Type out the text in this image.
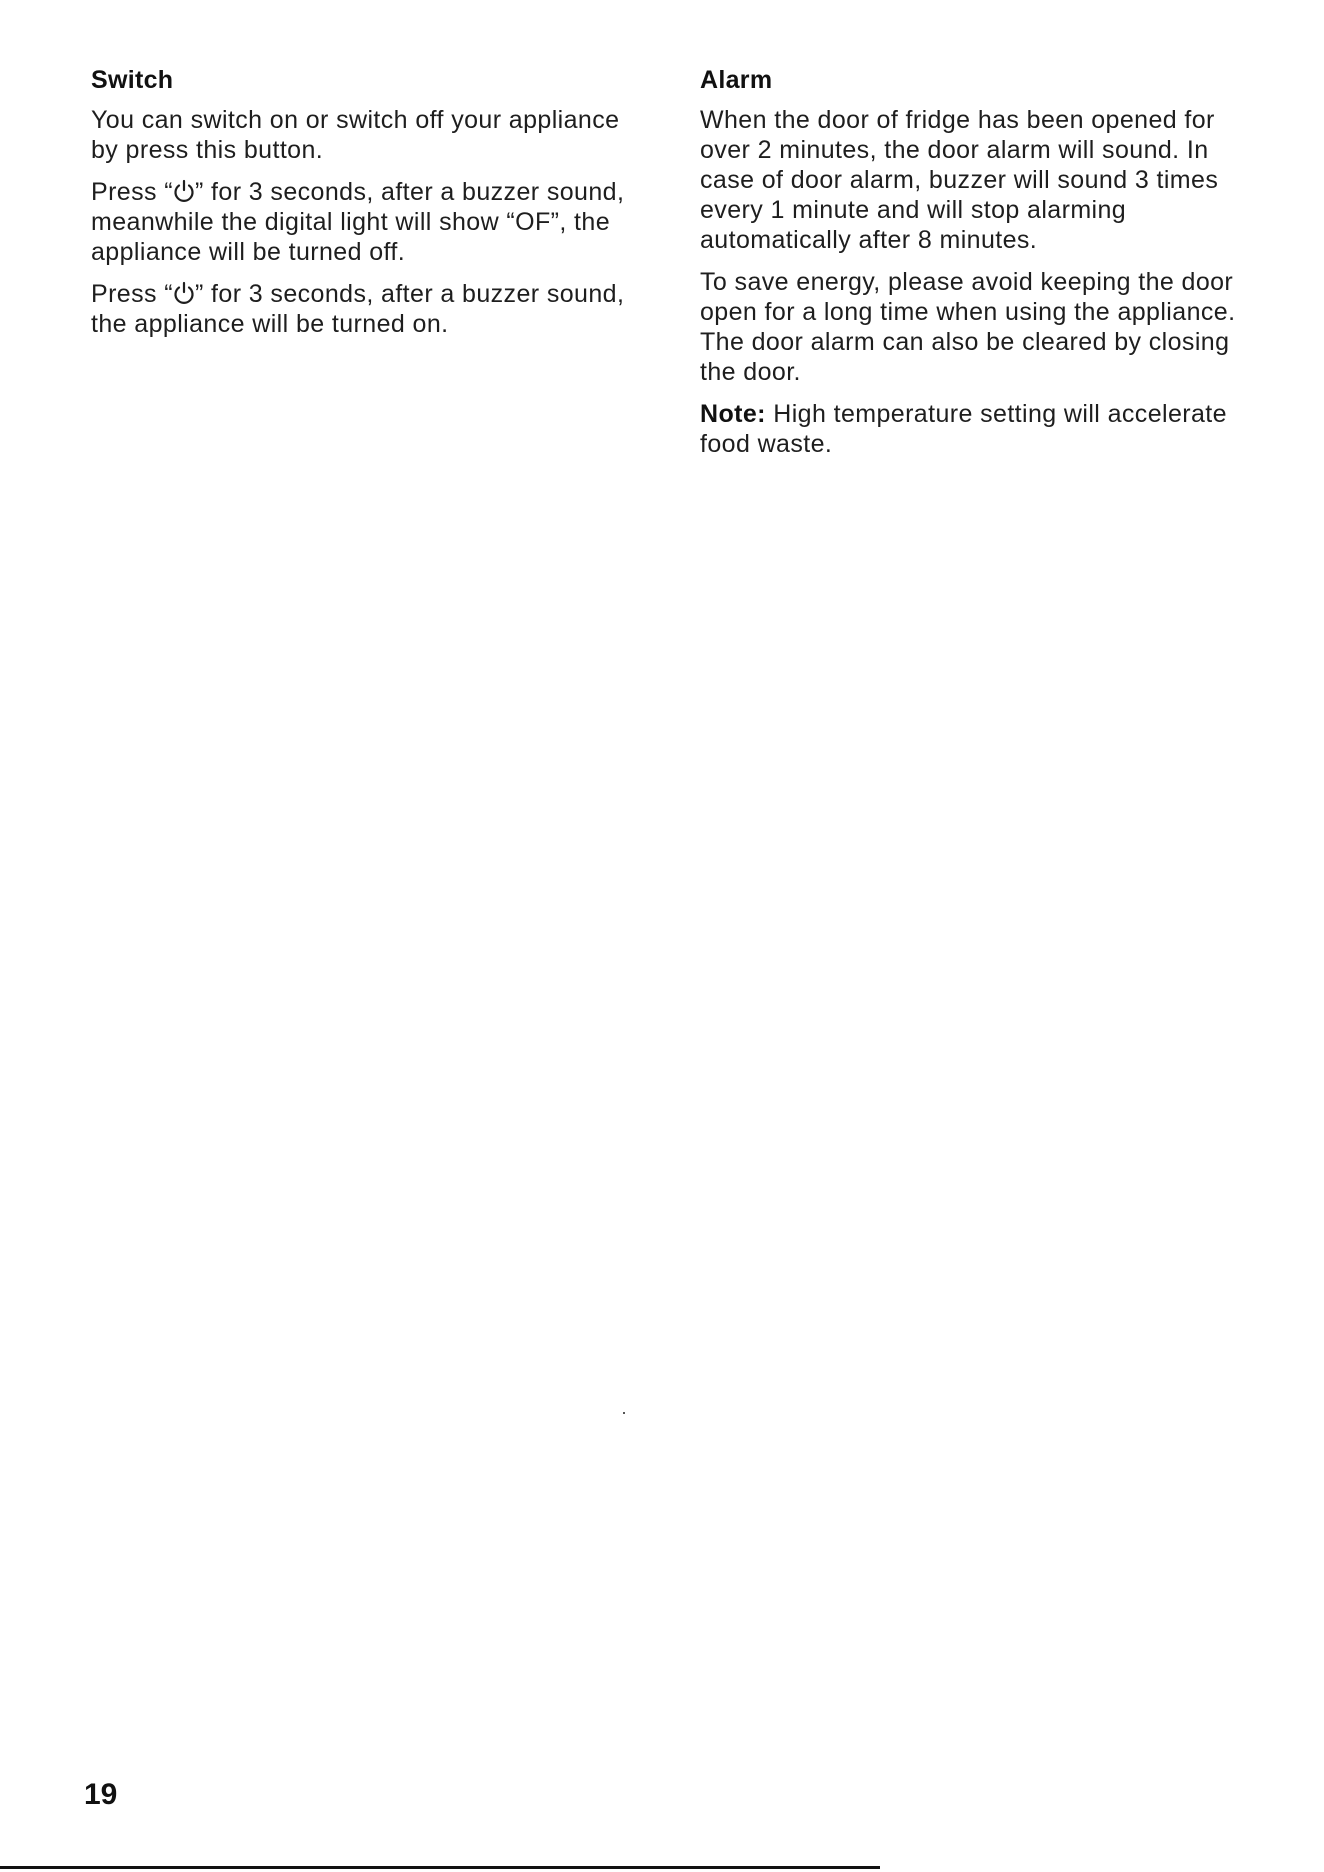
Switch

You can switch on or switch off your appliance by press this button.

Press “ ” for 3 seconds, after a buzzer sound, meanwhile the digital light will show “OF”, the appliance will be turned off.

Press “ ” for 3 seconds, after a buzzer sound, the appliance will be turned on.

Alarm

When the door of fridge has been opened for over 2 minutes, the door alarm will sound. In case of door alarm, buzzer will sound 3 times every 1 minute and will stop alarming automatically after 8 minutes.

To save energy, please avoid keeping the door open for a long time when using the appliance. The door alarm can also be cleared by closing the door.

Note: High temperature setting will accelerate food waste.

19
